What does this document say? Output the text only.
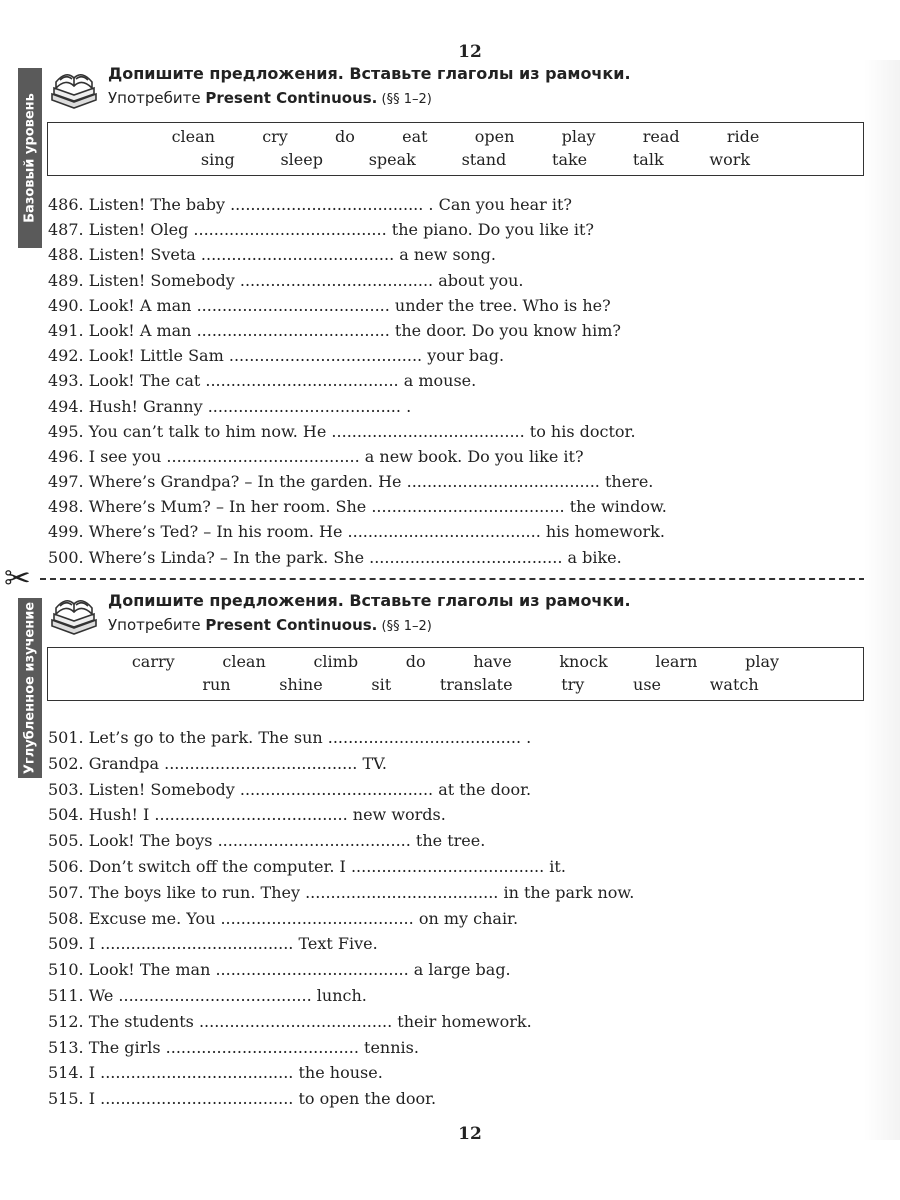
12
Базовый уровень
Допишите предложения. Вставьте глаголы из рамочки.
Употребите Present Continuous. (§§ 1–2)
clean	cry	do	eat	open	play	read	ride
sing	sleep	speak	stand	take	talk	work
486. Listen! The baby ...................................... . Can you hear it?
487. Listen! Oleg ...................................... the piano. Do you like it?
488. Listen! Sveta ...................................... a new song.
489. Listen! Somebody ...................................... about you.
490. Look! A man ...................................... under the tree. Who is he?
491. Look! A man ...................................... the door. Do you know him?
492. Look! Little Sam ...................................... your bag.
493. Look! The cat ...................................... a mouse.
494. Hush! Granny ...................................... .
495. You can’t talk to him now. He ...................................... to his doctor.
496. I see you ...................................... a new book. Do you like it?
497. Where’s Grandpa? – In the garden. He ...................................... there.
498. Where’s Mum? – In her room. She ...................................... the window.
499. Where’s Ted? – In his room. He ...................................... his homework.
500. Where’s Linda? – In the park. She ...................................... a bike.
✂
Углубленное изучение
Допишите предложения. Вставьте глаголы из рамочки.
Употребите Present Continuous. (§§ 1–2)
carry	clean	climb	do	have	knock	learn	play
run	shine	sit	translate	try	use	watch
501. Let’s go to the park. The sun ...................................... .
502. Grandpa ...................................... TV.
503. Listen! Somebody ...................................... at the door.
504. Hush! I ...................................... new words.
505. Look! The boys ...................................... the tree.
506. Don’t switch off the computer. I ...................................... it.
507. The boys like to run. They ...................................... in the park now.
508. Excuse me. You ...................................... on my chair.
509. I ...................................... Text Five.
510. Look! The man ...................................... a large bag.
511. We ...................................... lunch.
512. The students ...................................... their homework.
513. The girls ...................................... tennis.
514. I ...................................... the house.
515. I ...................................... to open the door.
12
